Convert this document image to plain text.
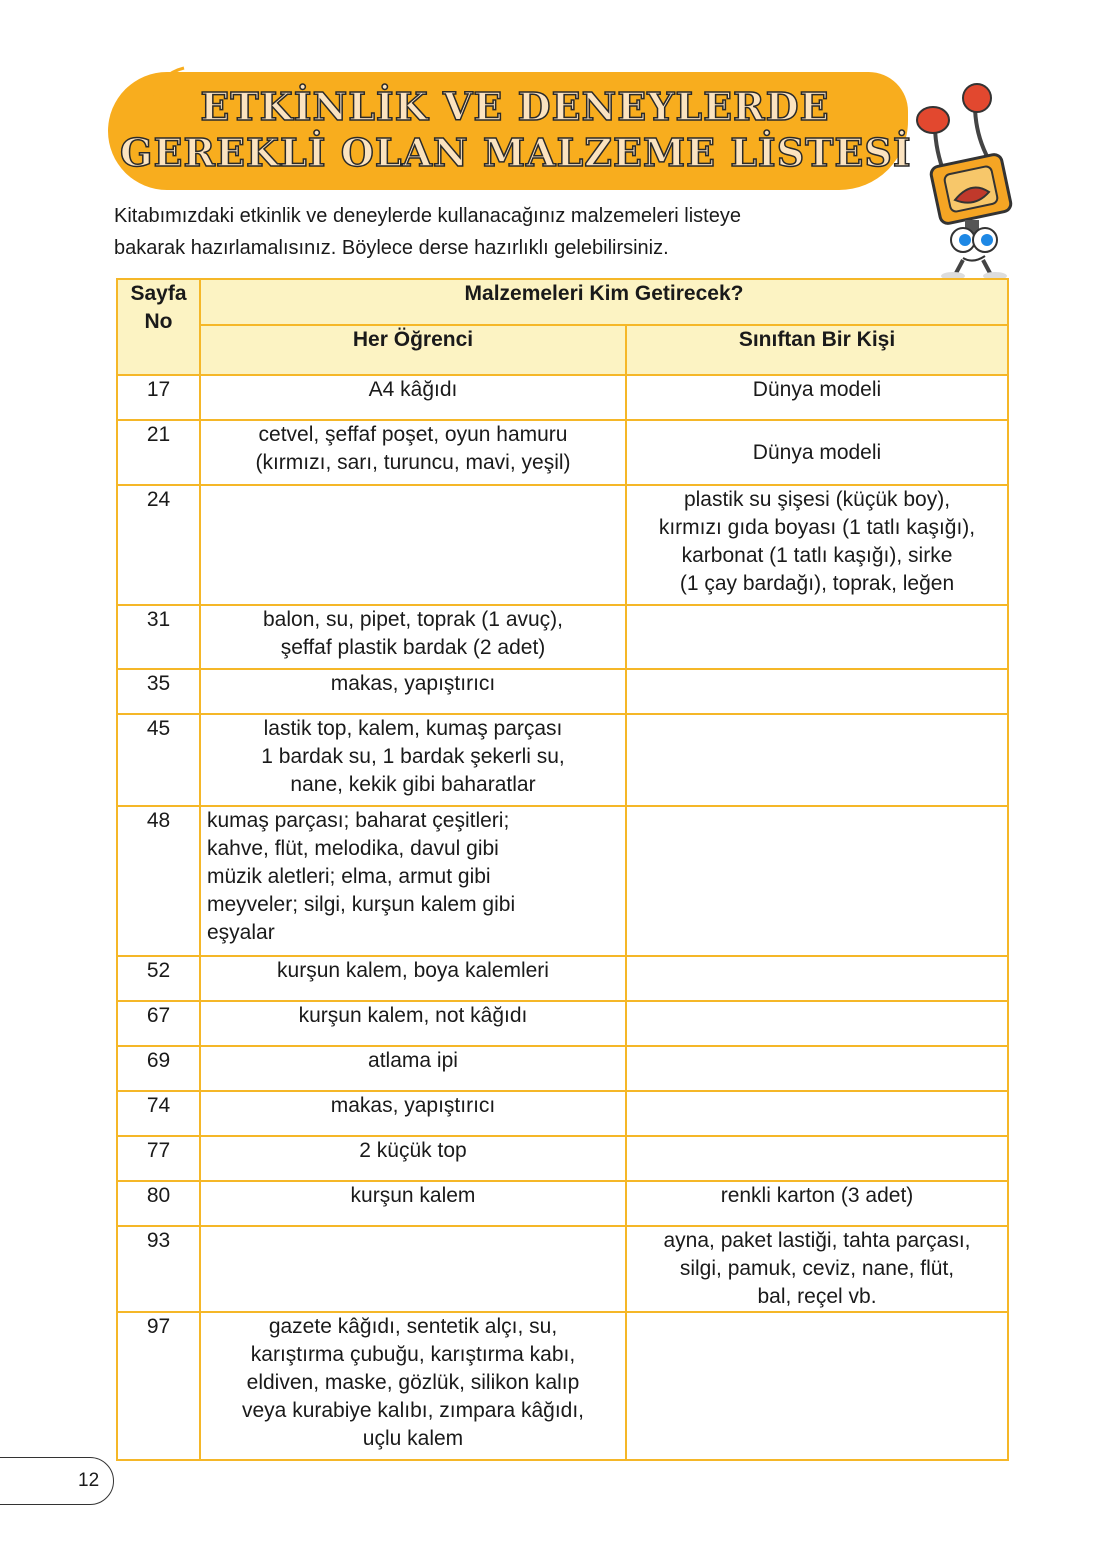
ETKİNLİK VE DENEYLERDE
GEREKLİ OLAN MALZEME LİSTESİ
Kitabımızdaki etkinlik ve deneylerde kullanacağınız malzemeleri listeye
bakarak hazırlamalısınız. Böylece derse hazırlıklı gelebilirsiniz.
Sayfa
No	Malzemeleri Kim Getirecek?	
	Her Öğrenci	Sınıftan Bir Kişi
17	A4 kâğıdı	Dünya modeli

21	cetvel, şeffaf poşet, oyun hamuru
(kırmızı, sarı, turuncu, mavi, yeşil)	Dünya modeli

24		plastik su şişesi (küçük boy),
kırmızı gıda boyası (1 tatlı kaşığı),
karbonat (1 tatlı kaşığı), sirke
(1 çay bardağı), toprak, leğen

31	balon, su, pipet, toprak (1 avuç),
şeffaf plastik bardak (2 adet)	

35	makas, yapıştırıcı	

45	lastik top, kalem, kumaş parçası
1 bardak su, 1 bardak şekerli su,
nane, kekik gibi baharatlar	

48	kumaş parçası; baharat çeşitleri;
kahve, flüt, melodika, davul gibi
müzik aletleri; elma, armut gibi
meyveler; silgi, kurşun kalem gibi
eşyalar	

52	kurşun kalem, boya kalemleri	

67	kurşun kalem, not kâğıdı	

69	atlama ipi	

74	makas, yapıştırıcı	

77	2 küçük top	

80	kurşun kalem	renkli karton (3 adet)

93		ayna, paket lastiği, tahta parçası,
silgi, pamuk, ceviz, nane, flüt,
bal, reçel vb.

97	gazete kâğıdı, sentetik alçı, su,
karıştırma çubuğu, karıştırma kabı,
eldiven, maske, gözlük, silikon kalıp
veya kurabiye kalıbı, zımpara kâğıdı,
uçlu kalem	

12
